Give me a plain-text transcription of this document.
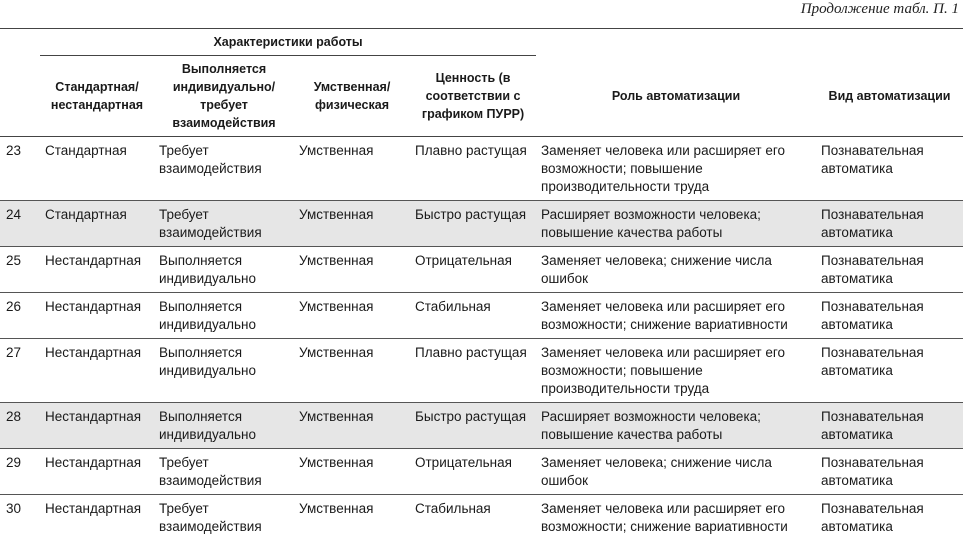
Продолжение табл. П. 1
	Характеристики работы					
	Стандартная/ нестандартная	Выполняется индивидуально/ требует взаимодействия	Умственная/ физическая	Ценность (в соответствии с графиком ПУРР)	Роль автоматизации	Вид автоматизации
23	Стандартная	Требует взаимодействия	Умственная	Плавно растущая	Заменяет человека или расширяет его возможности; повышение производительности труда	Познавательная автоматика
24	Стандартная	Требует взаимодействия	Умственная	Быстро растущая	Расширяет возможности человека; повышение качества работы	Познавательная автоматика
25	Нестандартная	Выполняется индивидуально	Умственная	Отрицательная	Заменяет человека; снижение числа ошибок	Познавательная автоматика
26	Нестандартная	Выполняется индивидуально	Умственная	Стабильная	Заменяет человека или расширяет его возможности; снижение вариативности	Познавательная автоматика
27	Нестандартная	Выполняется индивидуально	Умственная	Плавно растущая	Заменяет человека или расширяет его возможности; повышение производительности труда	Познавательная автоматика
28	Нестандартная	Выполняется индивидуально	Умственная	Быстро растущая	Расширяет возможности человека; повышение качества работы	Познавательная автоматика
29	Нестандартная	Требует взаимодействия	Умственная	Отрицательная	Заменяет человека; снижение числа ошибок	Познавательная автоматика
30	Нестандартная	Требует взаимодействия	Умственная	Стабильная	Заменяет человека или расширяет его возможности; снижение вариативности	Познавательная автоматика
